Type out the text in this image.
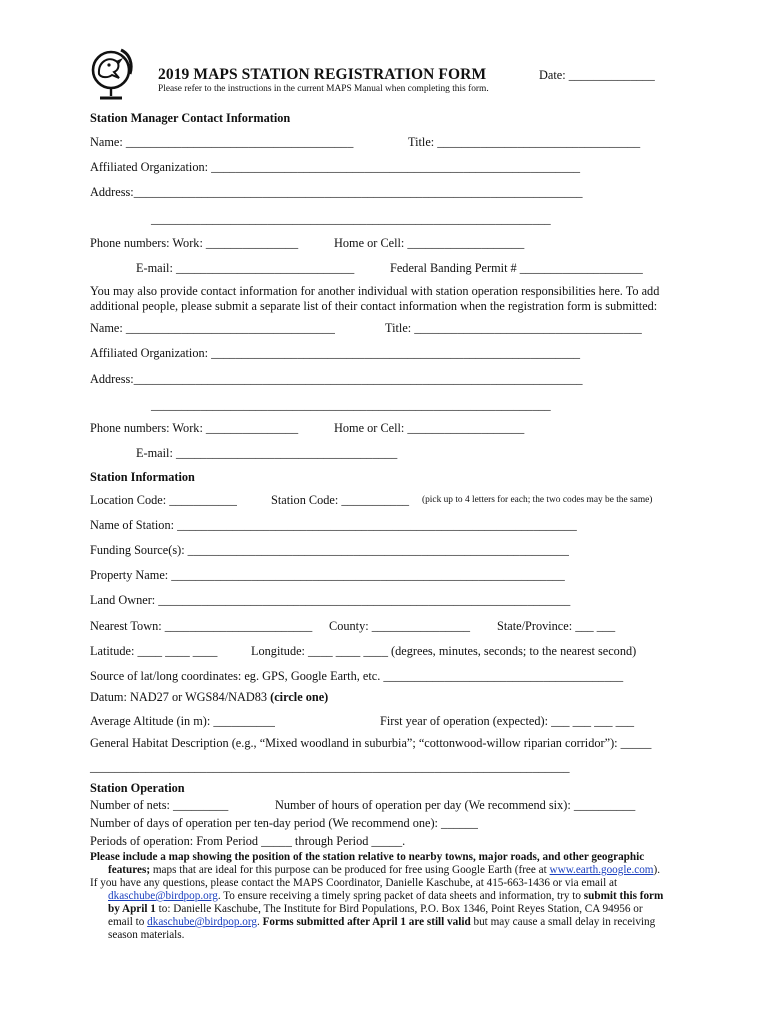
2019 MAPS STATION REGISTRATION FORM	Date: ______________
Please refer to the instructions in the current MAPS Manual when completing this form.
Station Manager Contact Information
Name: _____________________________________	Title: _________________________________
Affiliated Organization: ____________________________________________________________
Address:_________________________________________________________________________
_________________________________________________________________
Phone numbers: Work: _______________	Home or Cell: ___________________
E-mail: _____________________________	Federal Banding Permit # ____________________
You may also provide contact information for another individual with station operation responsibilities here. To add
additional people, please submit a separate list of their contact information when the registration form is submitted:
Name: __________________________________	Title: _____________________________________
Affiliated Organization: ____________________________________________________________
Address:_________________________________________________________________________
_________________________________________________________________
Phone numbers: Work: _______________	Home or Cell: ___________________
E-mail: ____________________________________
Station Information
Location Code: ___________	Station Code: ___________ (pick up to 4 letters for each; the two codes may be the same)
Name of Station: _________________________________________________________________
Funding Source(s): ______________________________________________________________
Property Name: ________________________________________________________________
Land Owner: ___________________________________________________________________
Nearest Town: ________________________ County: ________________ State/Province: ___ ___
Latitude: ____ ____ ____	Longitude: ____ ____ ____ (degrees, minutes, seconds; to the nearest second)
Source of lat/long coordinates: eg. GPS, Google Earth, etc. _______________________________________
Datum: NAD27 or WGS84/NAD83 (circle one)
Average Altitude (in m): __________	First year of operation (expected): ___ ___ ___ ___
General Habitat Description (e.g., “Mixed woodland in suburbia”; “cottonwood-willow riparian corridor”): _____
______________________________________________________________________________
Station Operation
Number of nets: _________	Number of hours of operation per day (We recommend six): __________
Number of days of operation per ten-day period (We recommend one): ______
Periods of operation: From Period _____ through Period _____.
Please include a map showing the position of the station relative to nearby towns, major roads, and other geographic
features; maps that are ideal for this purpose can be produced for free using Google Earth (free at www.earth.google.com).
If you have any questions, please contact the MAPS Coordinator, Danielle Kaschube, at 415-663-1436 or via email at
dkaschube@birdpop.org. To ensure receiving a timely spring packet of data sheets and information, try to submit this form
by April 1 to: Danielle Kaschube, The Institute for Bird Populations, P.O. Box 1346, Point Reyes Station, CA 94956 or
email to dkaschube@birdpop.org. Forms submitted after April 1 are still valid but may cause a small delay in receiving
season materials.
